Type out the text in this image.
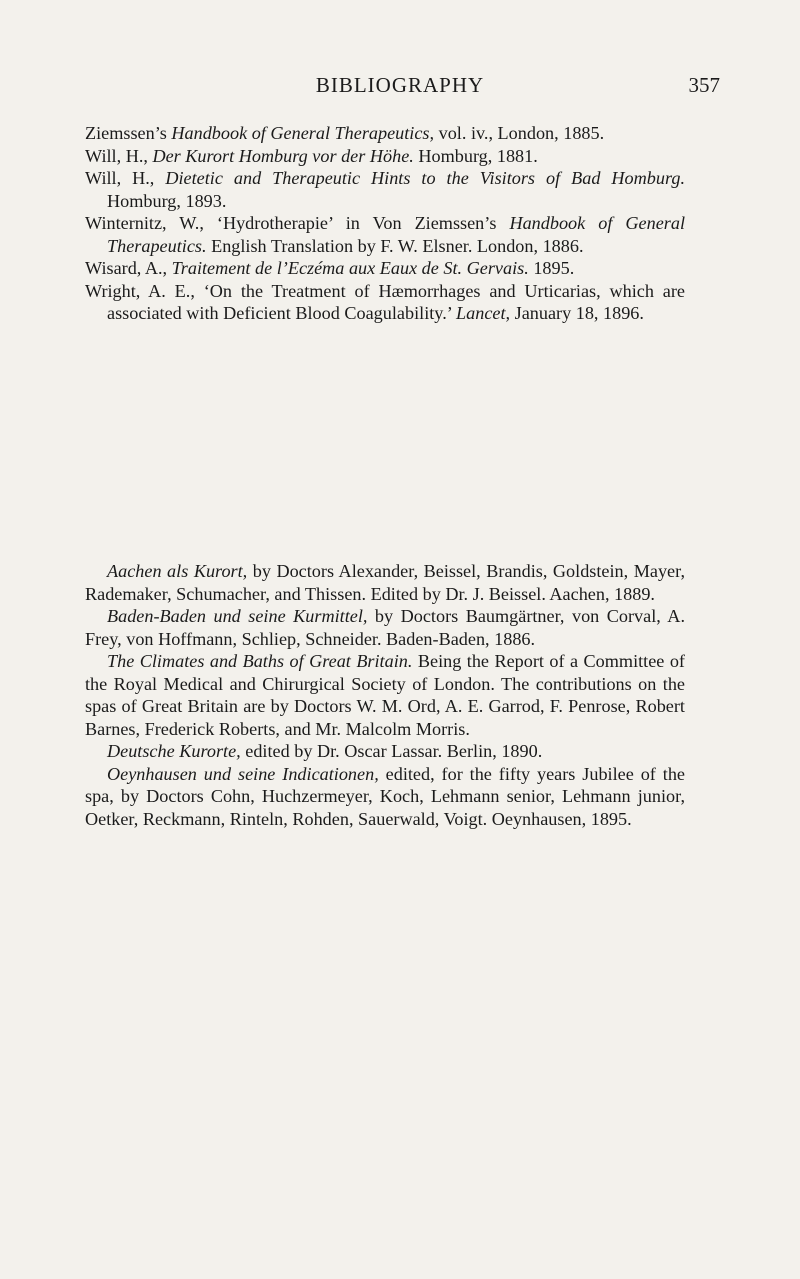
BIBLIOGRAPHY	357

Ziemssen’s Handbook of General Therapeutics, vol. iv., London, 1885.

Will, H., Der Kurort Homburg vor der Höhe. Homburg, 1881.

Will, H., Dietetic and Therapeutic Hints to the Visitors of Bad Homburg. Homburg, 1893.

Winternitz, W., ‘Hydrotherapie’ in Von Ziemssen’s Handbook of General Therapeutics. English Translation by F. W. Elsner. London, 1886.

Wisard, A., Traitement de l’Eczéma aux Eaux de St. Gervais. 1895.

Wright, A. E., ‘On the Treatment of Hæmorrhages and Urticarias, which are associated with Deficient Blood Coagulability.’ Lancet, January 18, 1896.

Aachen als Kurort, by Doctors Alexander, Beissel, Brandis, Goldstein, Mayer, Rademaker, Schumacher, and Thissen. Edited by Dr. J. Beissel. Aachen, 1889.

Baden-Baden und seine Kurmittel, by Doctors Baumgärtner, von Corval, A. Frey, von Hoffmann, Schliep, Schneider. Baden-Baden, 1886.

The Climates and Baths of Great Britain. Being the Report of a Committee of the Royal Medical and Chirurgical Society of London. The contributions on the spas of Great Britain are by Doctors W. M. Ord, A. E. Garrod, F. Penrose, Robert Barnes, Frederick Roberts, and Mr. Malcolm Morris.

Deutsche Kurorte, edited by Dr. Oscar Lassar. Berlin, 1890.

Oeynhausen und seine Indicationen, edited, for the fifty years Jubilee of the spa, by Doctors Cohn, Huchzermeyer, Koch, Lehmann senior, Lehmann junior, Oetker, Reckmann, Rinteln, Rohden, Sauerwald, Voigt. Oeynhausen, 1895.
